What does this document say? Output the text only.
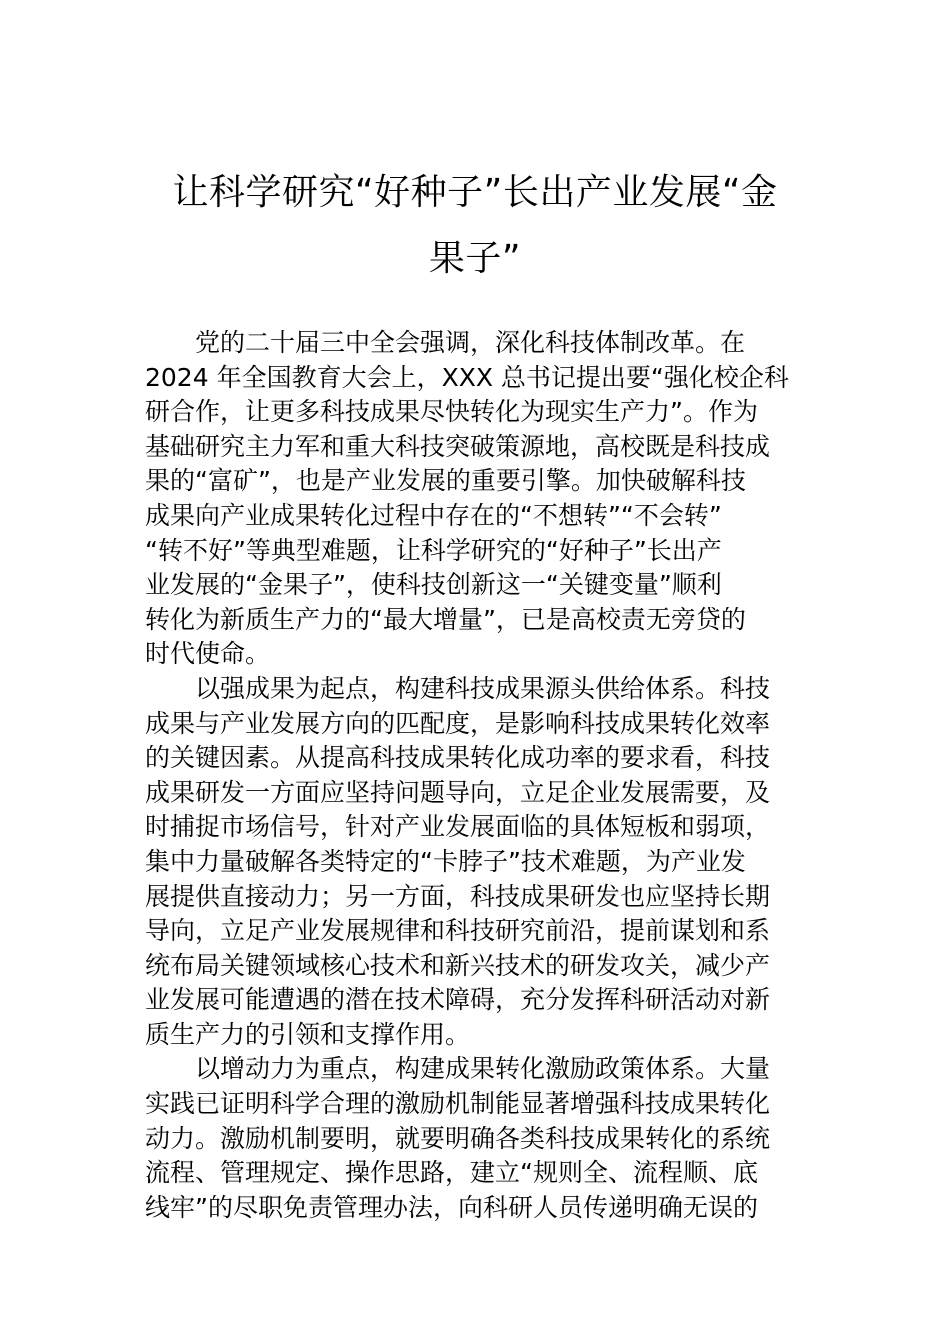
让科学研究“好种子”长出产业发展“金
果子”
党的二十届三中全会强调，深化科技体制改革。在
2024 年全国教育大会上，XXX 总书记提出要“强化校企科
研合作，让更多科技成果尽快转化为现实生产力”。作为
基础研究主力军和重大科技突破策源地，高校既是科技成
果的“富矿”，也是产业发展的重要引擎。加快破解科技
成果向产业成果转化过程中存在的“不想转”“不会转”
“转不好”等典型难题，让科学研究的“好种子”长出产
业发展的“金果子”，使科技创新这一“关键变量”顺利
转化为新质生产力的“最大增量”，已是高校责无旁贷的
时代使命。
以强成果为起点，构建科技成果源头供给体系。科技
成果与产业发展方向的匹配度，是影响科技成果转化效率
的关键因素。从提高科技成果转化成功率的要求看，科技
成果研发一方面应坚持问题导向，立足企业发展需要，及
时捕捉市场信号，针对产业发展面临的具体短板和弱项，
集中力量破解各类特定的“卡脖子”技术难题，为产业发
展提供直接动力；另一方面，科技成果研发也应坚持长期
导向，立足产业发展规律和科技研究前沿，提前谋划和系
统布局关键领域核心技术和新兴技术的研发攻关，减少产
业发展可能遭遇的潜在技术障碍，充分发挥科研活动对新
质生产力的引领和支撑作用。
以增动力为重点，构建成果转化激励政策体系。大量
实践已证明科学合理的激励机制能显著增强科技成果转化
动力。激励机制要明，就要明确各类科技成果转化的系统
流程、管理规定、操作思路，建立“规则全、流程顺、底
线牢”的尽职免责管理办法，向科研人员传递明确无误的
